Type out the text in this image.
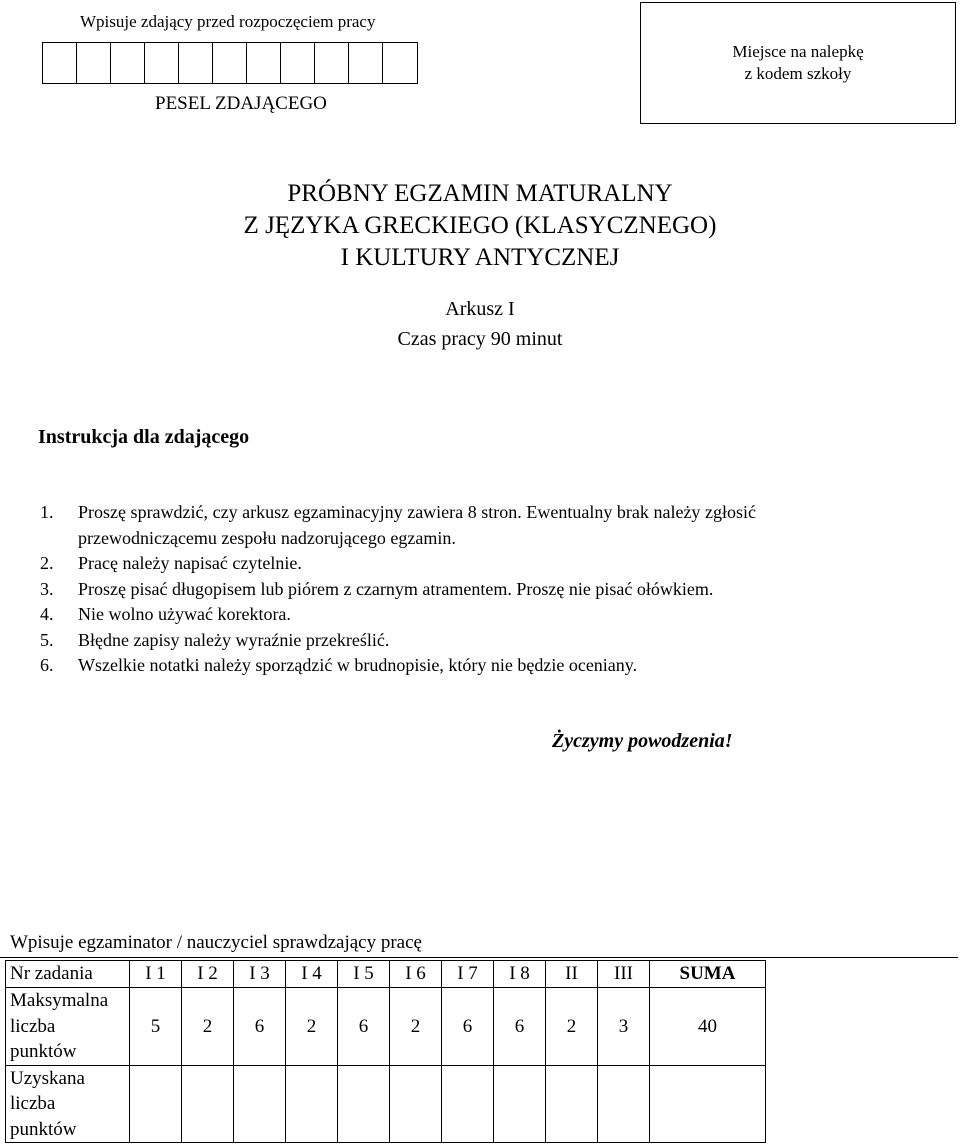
Wpisuje zdający przed rozpoczęciem pracy
PESEL ZDAJĄCEGO
Miejsce na nalepkę
z kodem szkoły
PRÓBNY EGZAMIN MATURALNY
Z JĘZYKA GRECKIEGO (KLASYCZNEGO)
I KULTURY ANTYCZNEJ
Arkusz I
Czas pracy 90 minut
Instrukcja dla zdającego
1.	Proszę sprawdzić, czy arkusz egzaminacyjny zawiera 8 stron. Ewentualny brak należy zgłosić przewodniczącemu zespołu nadzorującego egzamin.
2.	Pracę należy napisać czytelnie.
3.	Proszę pisać długopisem lub piórem z czarnym atramentem. Proszę nie pisać ołówkiem.
4.	Nie wolno używać korektora.
5.	Błędne zapisy należy wyraźnie przekreślić.
6.	Wszelkie notatki należy sporządzić w brudnopisie, który nie będzie oceniany.
Życzymy powodzenia!
Wpisuje egzaminator / nauczyciel sprawdzający pracę
Nr zadania	I 1	I 2	I 3	I 4	I 5	I 6	I 7	I 8	II	III	SUMA

Maksymalna
liczba
punktów	5	2	6	2	6	2	6	6	2	3	40

Uzyskana
liczba
punktów											
